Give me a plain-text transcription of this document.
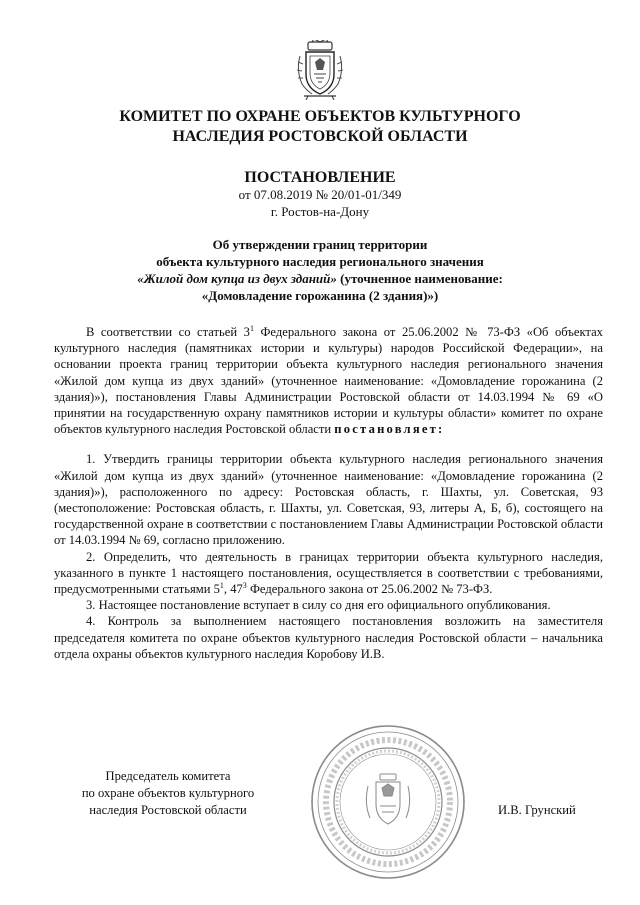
КОМИТЕТ ПО ОХРАНЕ ОБЪЕКТОВ КУЛЬТУРНОГО
НАСЛЕДИЯ РОСТОВСКОЙ ОБЛАСТИ
ПОСТАНОВЛЕНИЕ
от 07.08.2019 № 20/01-01/349
г. Ростов-на-Дону
Об утверждении границ территории
объекта культурного наследия регионального значения
«Жилой дом купца из двух зданий» (уточненное наименование:
«Домовладение горожанина (2 здания)»)

В соответствии со статьей $3^1$ Федерального закона от 25.06.2002 № 73-ФЗ «Об объектах культурного наследия (памятниках истории и культуры) народов Российской Федерации», на основании проекта границ территории объекта культурного наследия регионального значения «Жилой дом купца из двух зданий» (уточненное наименование: «Домовладение горожанина (2 здания)»), постановления Главы Администрации Ростовской области от 14.03.1994 № 69 «О принятии на государственную охрану памятников истории и культуры области» комитет по охране объектов культурного наследия Ростовской области постановляет:

1. Утвердить границы территории объекта культурного наследия регионального значения «Жилой дом купца из двух зданий» (уточненное наименование: «Домовладение горожанина (2 здания)»), расположенного по адресу: Ростовская область, г. Шахты, ул. Советская, 93 (местоположение: Ростовская область, г. Шахты, ул. Советская, 93, литеры А, Б, б), состоящего на государственной охране в соответствии с постановлением Главы Администрации Ростовской области от 14.03.1994 № 69, согласно приложению.

2. Определить, что деятельность в границах территории объекта культурного наследия, указанного в пункте 1 настоящего постановления, осуществляется в соответствии с требованиями, предусмотренными статьями $5^1$, $47^3$ Федерального закона от 25.06.2002 № 73-ФЗ.

3. Настоящее постановление вступает в силу со дня его официального опубликования.

4. Контроль за выполнением настоящего постановления возложить на заместителя председателя комитета по охране объектов культурного наследия Ростовской области – начальника отдела охраны объектов культурного наследия Коробову И.В.

Председатель комитета
по охране объектов культурного
наследия Ростовской области	И.В. Грунский
